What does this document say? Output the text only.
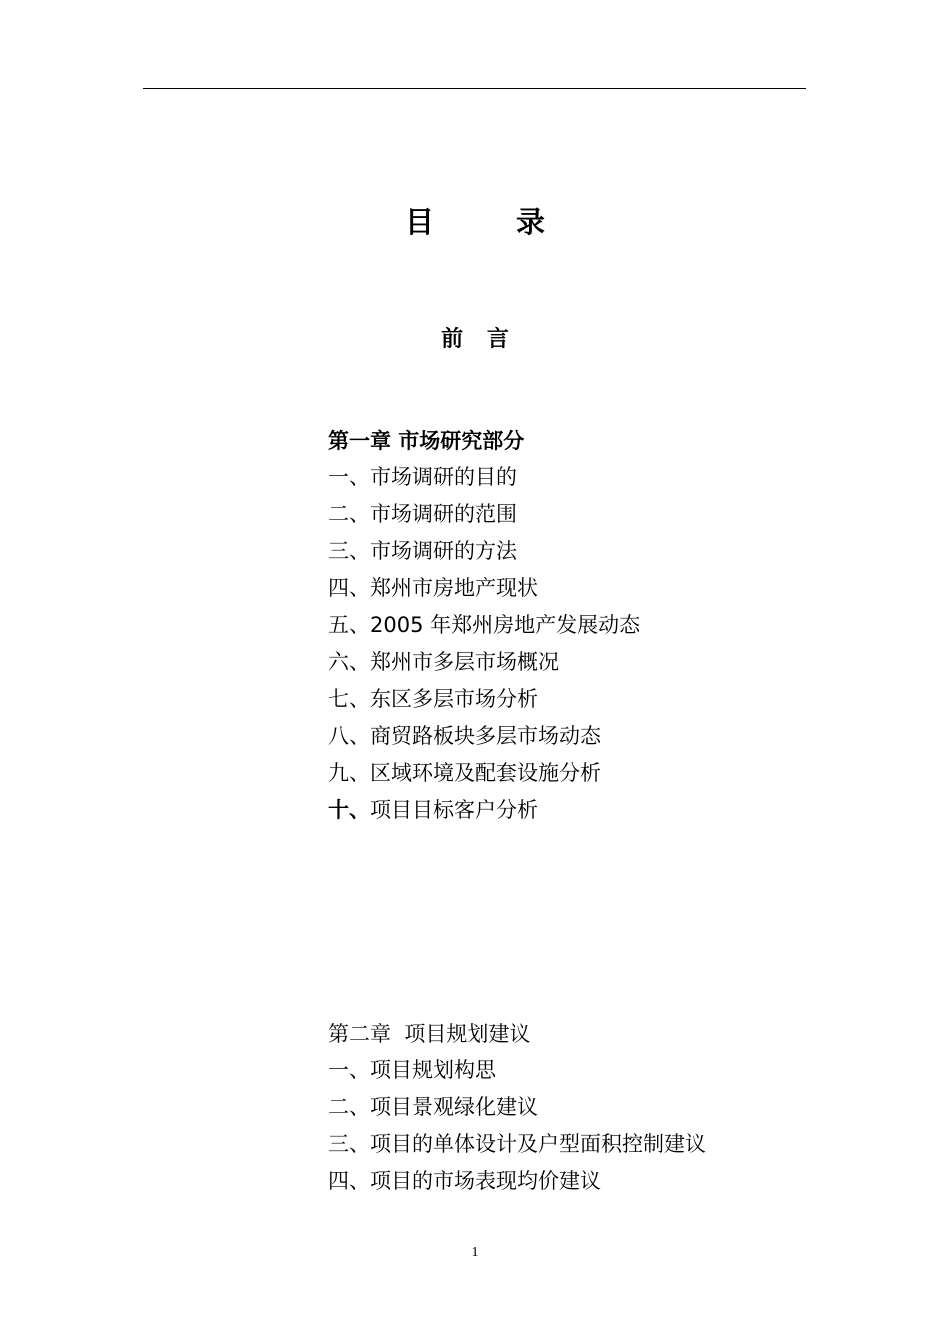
目 录
前 言
第一章 市场研究部分
一、市场调研的目的
二、市场调研的范围
三、市场调研的方法
四、郑州市房地产现状
五、2005 年郑州房地产发展动态
六、郑州市多层市场概况
七、东区多层市场分析
八、商贸路板块多层市场动态
九、区域环境及配套设施分析
十、项目目标客户分析
第二章  项目规划建议
一、项目规划构思
二、项目景观绿化建议
三、项目的单体设计及户型面积控制建议
四、项目的市场表现均价建议
1
